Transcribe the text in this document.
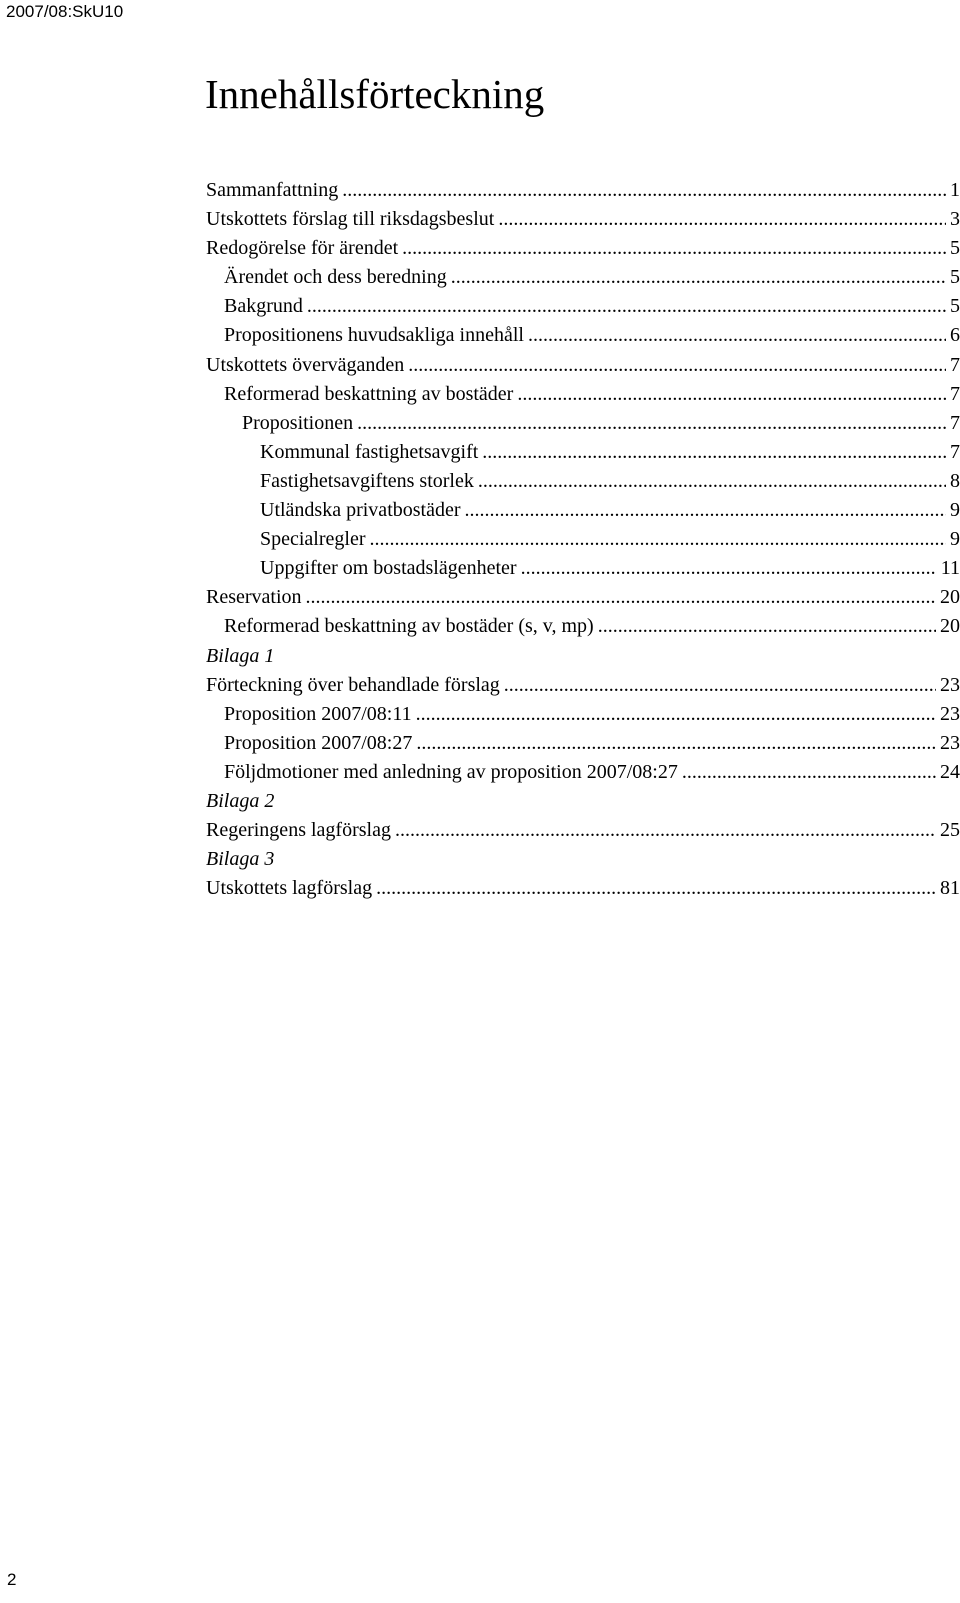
2007/08:SkU10
Innehållsförteckning
Sammanfattning .....	1
Utskottets förslag till riksdagsbeslut .....	3
Redogörelse för ärendet .....	5
Ärendet och dess beredning .....	5
Bakgrund .....	5
Propositionens huvudsakliga innehåll .....	6
Utskottets överväganden .....	7
Reformerad beskattning av bostäder .....	7
Propositionen .....	7
Kommunal fastighetsavgift .....	7
Fastighetsavgiftens storlek .....	8
Utländska privatbostäder .....	9
Specialregler .....	9
Uppgifter om bostadslägenheter .....	11
Reservation .....	20
Reformerad beskattning av bostäder (s, v, mp) .....	20
Bilaga 1
Förteckning över behandlade förslag .....	23
Proposition 2007/08:11 .....	23
Proposition 2007/08:27 .....	23
Följdmotioner med anledning av proposition 2007/08:27 .....	24
Bilaga 2
Regeringens lagförslag .....	25
Bilaga 3
Utskottets lagförslag .....	81
2
